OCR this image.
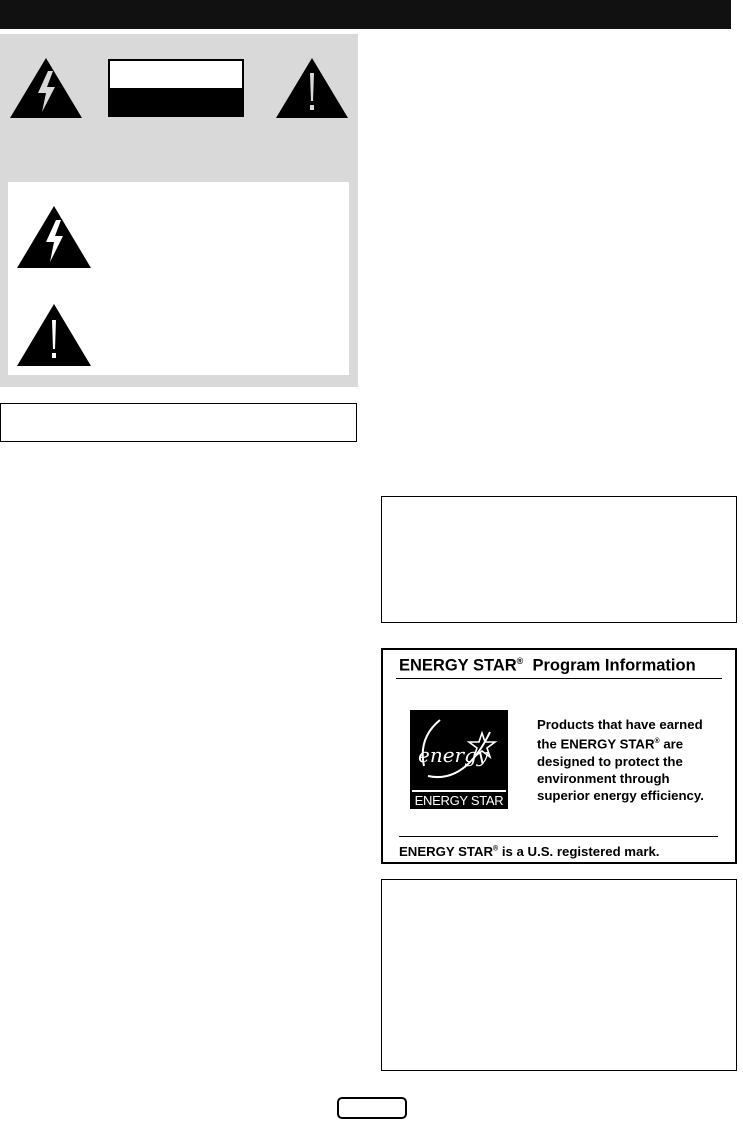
ENERGY STAR® Program Information
energy
ENERGY STAR

Products that have earned
the ENERGY STAR® are
designed to protect the
environment through
superior energy efficiency.

ENERGY STAR® is a U.S. registered mark.
